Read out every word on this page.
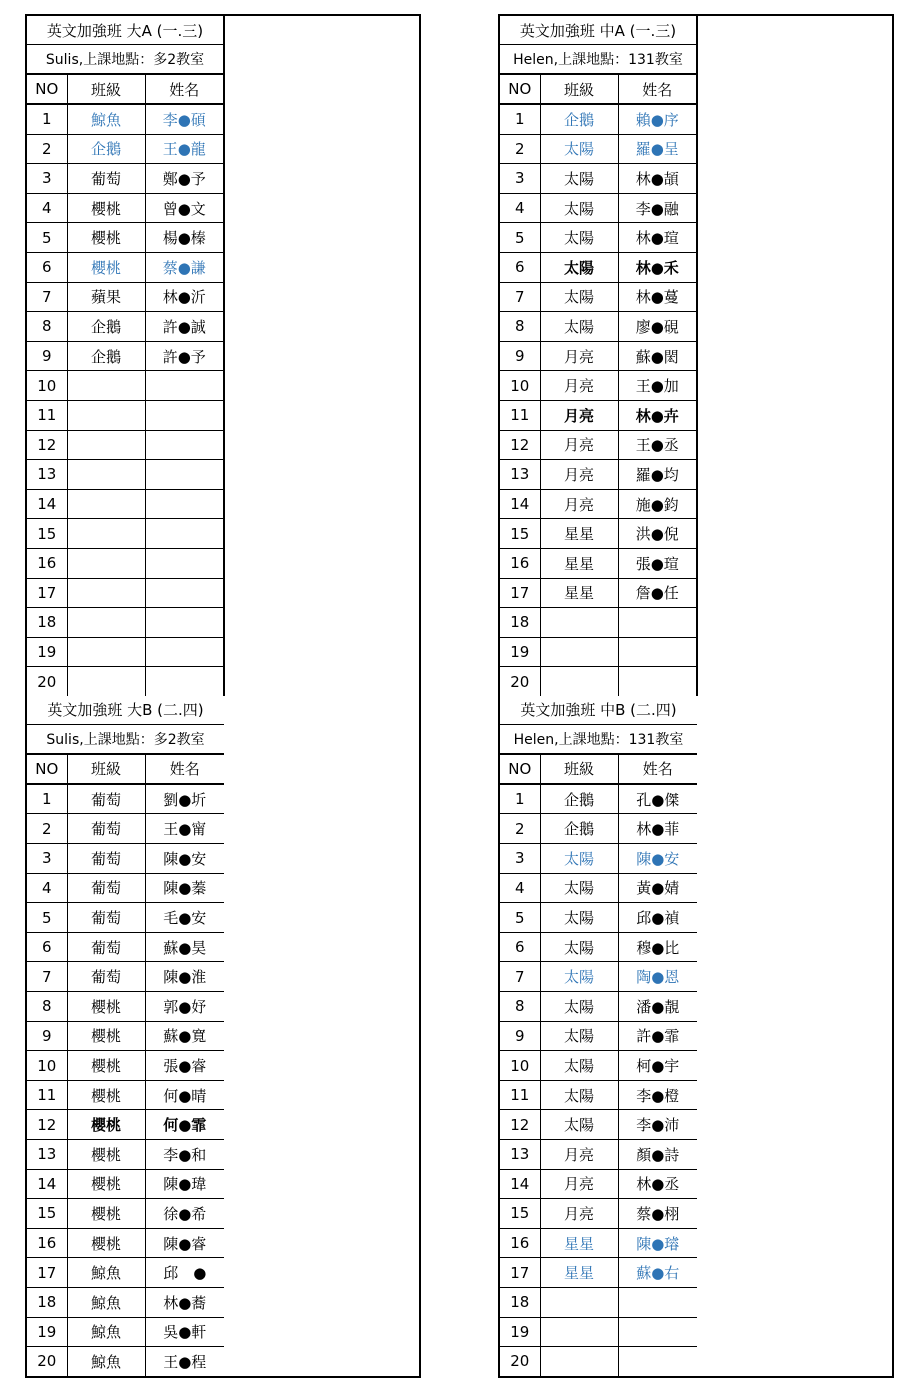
英文加強班 大A (一.三)		
Sulis,上課地點：多2教室		
NO	班級	姓名
1	鯨魚	李●碩
2	企鵝	王●龍
3	葡萄	鄭●予
4	櫻桃	曾●文
5	櫻桃	楊●榛
6	櫻桃	蔡●謙
7	蘋果	林●沂
8	企鵝	許●誠
9	企鵝	許●予
10		
11		
12		
13		
14		
15		
16		
17		
18		
19		
20		
英文加強班 大B (二.四)		
Sulis,上課地點：多2教室		
NO	班級	姓名
1	葡萄	劉●圻
2	葡萄	王●甯
3	葡萄	陳●安
4	葡萄	陳●蓁
5	葡萄	毛●安
6	葡萄	蘇●昊
7	葡萄	陳●淮
8	櫻桃	郭●妤
9	櫻桃	蘇●寬
10	櫻桃	張●睿
11	櫻桃	何●晴
12	櫻桃	何●霏
13	櫻桃	李●和
14	櫻桃	陳●瑋
15	櫻桃	徐●希
16	櫻桃	陳●睿
17	鯨魚	邱　●
18	鯨魚	林●蕎
19	鯨魚	吳●軒
20	鯨魚	王●程
英文加強班 中A (一.三)		
Helen,上課地點：131教室		
NO	班級	姓名
1	企鵝	賴●序
2	太陽	羅●呈
3	太陽	林●頡
4	太陽	李●融
5	太陽	林●瑄
6	太陽	林●禾
7	太陽	林●蔓
8	太陽	廖●硯
9	月亮	蘇●閎
10	月亮	王●加
11	月亮	林●卉
12	月亮	王●丞
13	月亮	羅●均
14	月亮	施●鈞
15	星星	洪●倪
16	星星	張●瑄
17	星星	詹●任
18		
19		
20		
英文加強班 中B (二.四)		
Helen,上課地點：131教室		
NO	班級	姓名
1	企鵝	孔●傑
2	企鵝	林●菲
3	太陽	陳●安
4	太陽	黃●婧
5	太陽	邱●禎
6	太陽	穆●比
7	太陽	陶●恩
8	太陽	潘●靚
9	太陽	許●霏
10	太陽	柯●宇
11	太陽	李●橙
12	太陽	李●沛
13	月亮	顏●詩
14	月亮	林●丞
15	月亮	蔡●栩
16	星星	陳●璿
17	星星	蘇●右
18		
19		
20		
